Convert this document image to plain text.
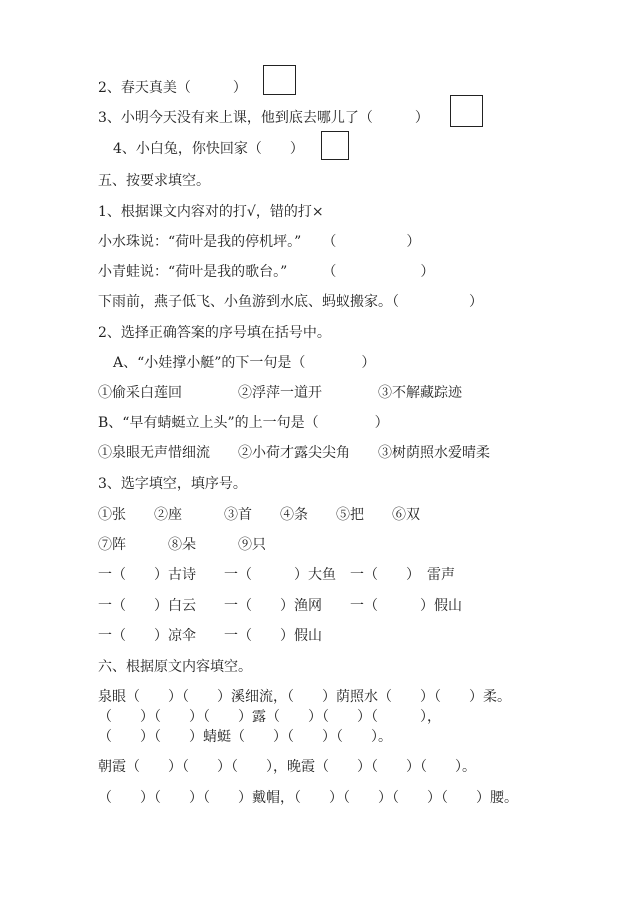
2、春天真美（　　　）
3、小明今天没有来上课，他到底去哪儿了（　　　）
4、小白兔，你快回家（　　）
五、按要求填空。
1、根据课文内容对的打√，错的打×
小水珠说：“荷叶是我的停机坪。”　　（　　　　　）
小青蛙说：“荷叶是我的歌台。”　　　（　　　　　　）
下雨前，燕子低飞、小鱼游到水底、蚂蚁搬家。（　　　　　）
2、选择正确答案的序号填在括号中。
A、“小娃撑小艇”的下一句是（　　　　）
①偷采白莲回　　　　②浮萍一道开　　　　③不解藏踪迹
B、“早有蜻蜓立上头”的上一句是（　　　　）
①泉眼无声惜细流　　②小荷才露尖尖角　　③树荫照水爱晴柔
3、选字填空，填序号。
①张　　②座　　　③首　　④条　　⑤把　　⑥双
⑦阵　　　⑧朵　　　⑨只
一（　　）古诗　　一（　　　）大鱼　一（　　）　雷声
一（　　）白云　　一（　　）渔网　　一（　　　）假山
一（　　）凉伞　　一（　　）假山
六、根据原文内容填空。
泉眼（　　）（　　）溪细流，（　　）荫照水（　　）（　　）柔。
（　　）（　　）（　　）露（　　）（　　）（　　　），
（　　）（　　）蜻蜓（　　）（　　）（　　）。
朝霞（　　）（　　）（　　），晚霞（　　）（　　）（　　）。
（　　）（　　）（　　）戴帽，（　　）（　　）（　　）（　　）腰。
